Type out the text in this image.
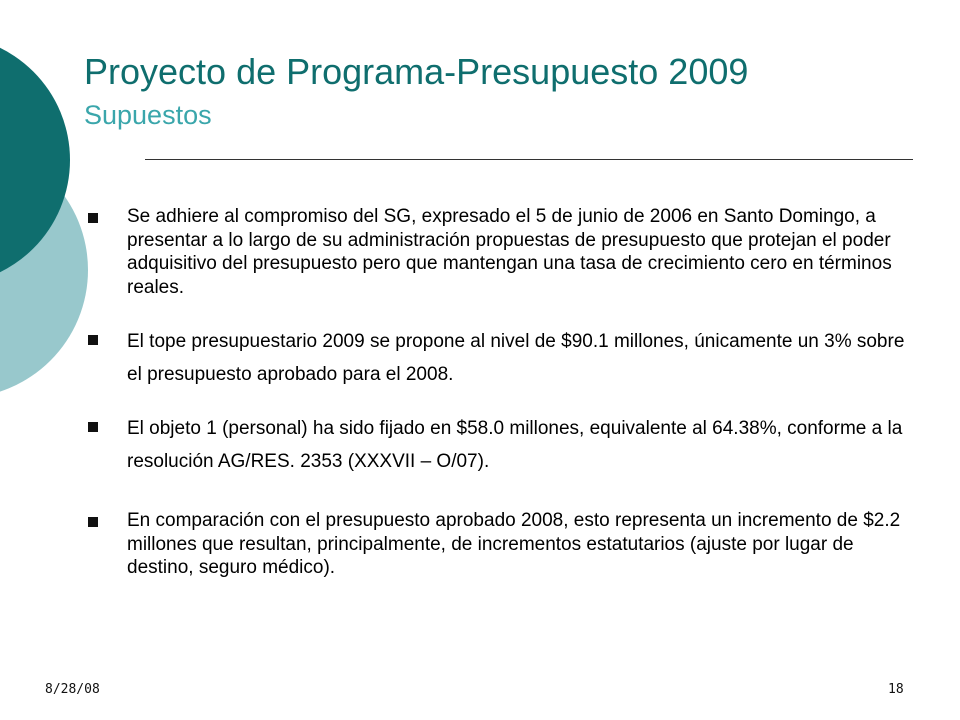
Proyecto de Programa-Presupuesto 2009
Supuestos
Se adhiere al compromiso del SG, expresado el 5 de junio de 2006 en Santo Domingo, a presentar a lo largo de su administración propuestas de presupuesto que protejan el poder adquisitivo del presupuesto pero que mantengan una tasa de crecimiento cero en términos reales.
El tope presupuestario 2009 se propone al nivel de $90.1 millones, únicamente un 3% sobre el presupuesto aprobado para el 2008.
El objeto 1 (personal) ha sido fijado en $58.0 millones, equivalente al 64.38%, conforme a la resolución AG/RES. 2353 (XXXVII – O/07).
En comparación con el presupuesto aprobado 2008, esto representa un incremento de $2.2 millones que resultan, principalmente, de incrementos estatutarios (ajuste por lugar de destino, seguro médico).
8/28/08	18
